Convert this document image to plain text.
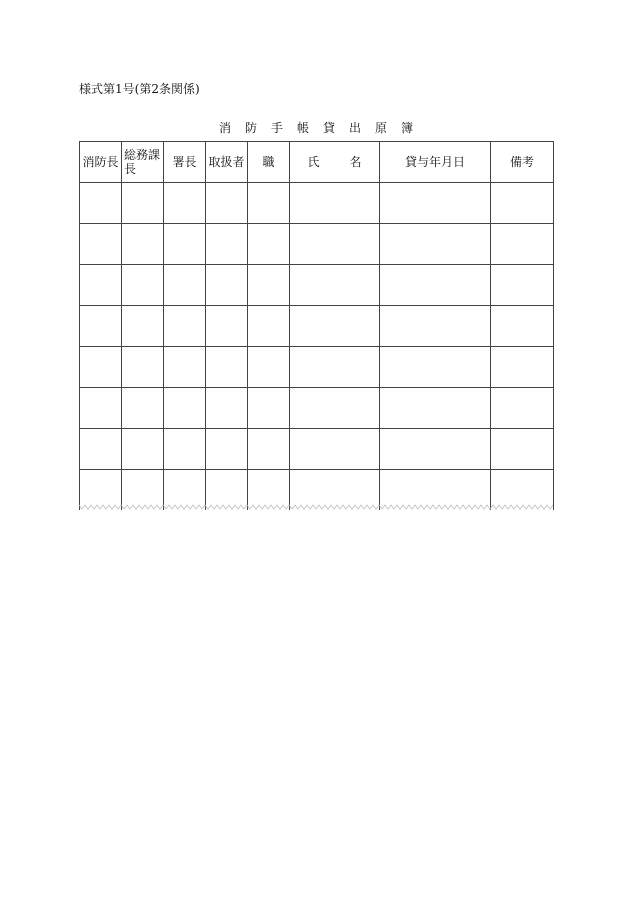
様式第1号(第2条関係)
消 防 手 帳 貸 出 原 簿
消防長	総務課長	署長	取扱者	職	氏 名	貸与年月日	備考
